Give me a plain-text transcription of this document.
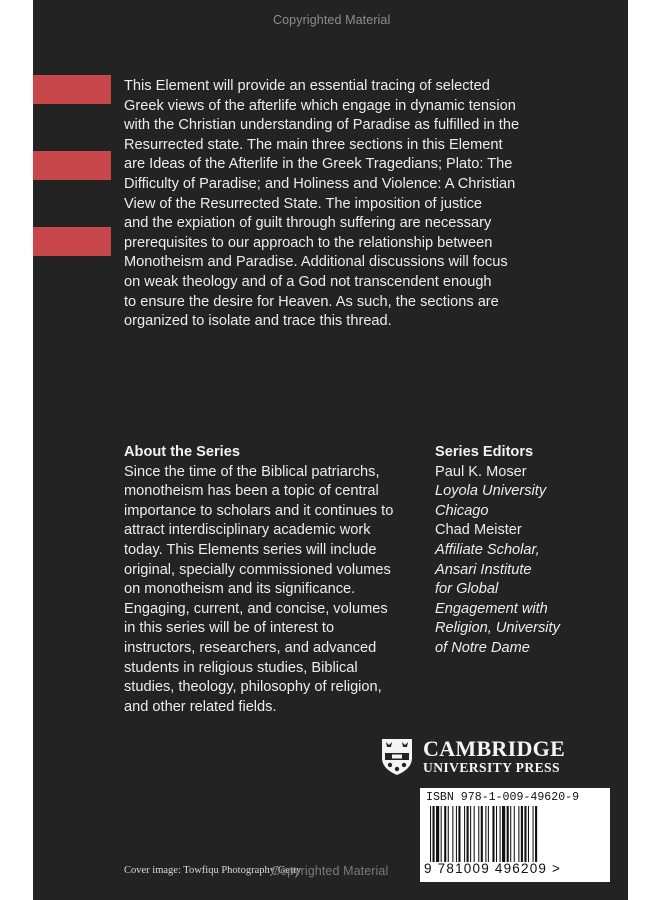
Copyrighted Material
This Element will provide an essential tracing of selected
Greek views of the afterlife which engage in dynamic tension
with the Christian understanding of Paradise as fulfilled in the
Resurrected state. The main three sections in this Element
are Ideas of the Afterlife in the Greek Tragedians; Plato: The
Difficulty of Paradise; and Holiness and Violence: A Christian
View of the Resurrected State. The imposition of justice
and the expiation of guilt through suffering are necessary
prerequisites to our approach to the relationship between
Monotheism and Paradise. Additional discussions will focus
on weak theology and of a God not transcendent enough
to ensure the desire for Heaven. As such, the sections are
organized to isolate and trace this thread.
About the Series
Since the time of the Biblical patriarchs,
monotheism has been a topic of central
importance to scholars and it continues to
attract interdisciplinary academic work
today. This Elements series will include
original, specially commissioned volumes
on monotheism and its significance.
Engaging, current, and concise, volumes
in this series will be of interest to
instructors, researchers, and advanced
students in religious studies, Biblical
studies, theology, philosophy of religion,
and other related fields.
Series Editors
Paul K. Moser
Loyola University
Chicago
Chad Meister
Affiliate Scholar,
Ansari Institute
for Global
Engagement with
Religion, University
of Notre Dame
CAMBRIDGE
UNIVERSITY PRESS
ISBN 978-1-009-49620-9
9 781009 496209 >
Cover image: Towfiqu Photography/Getty
Copyrighted Material
